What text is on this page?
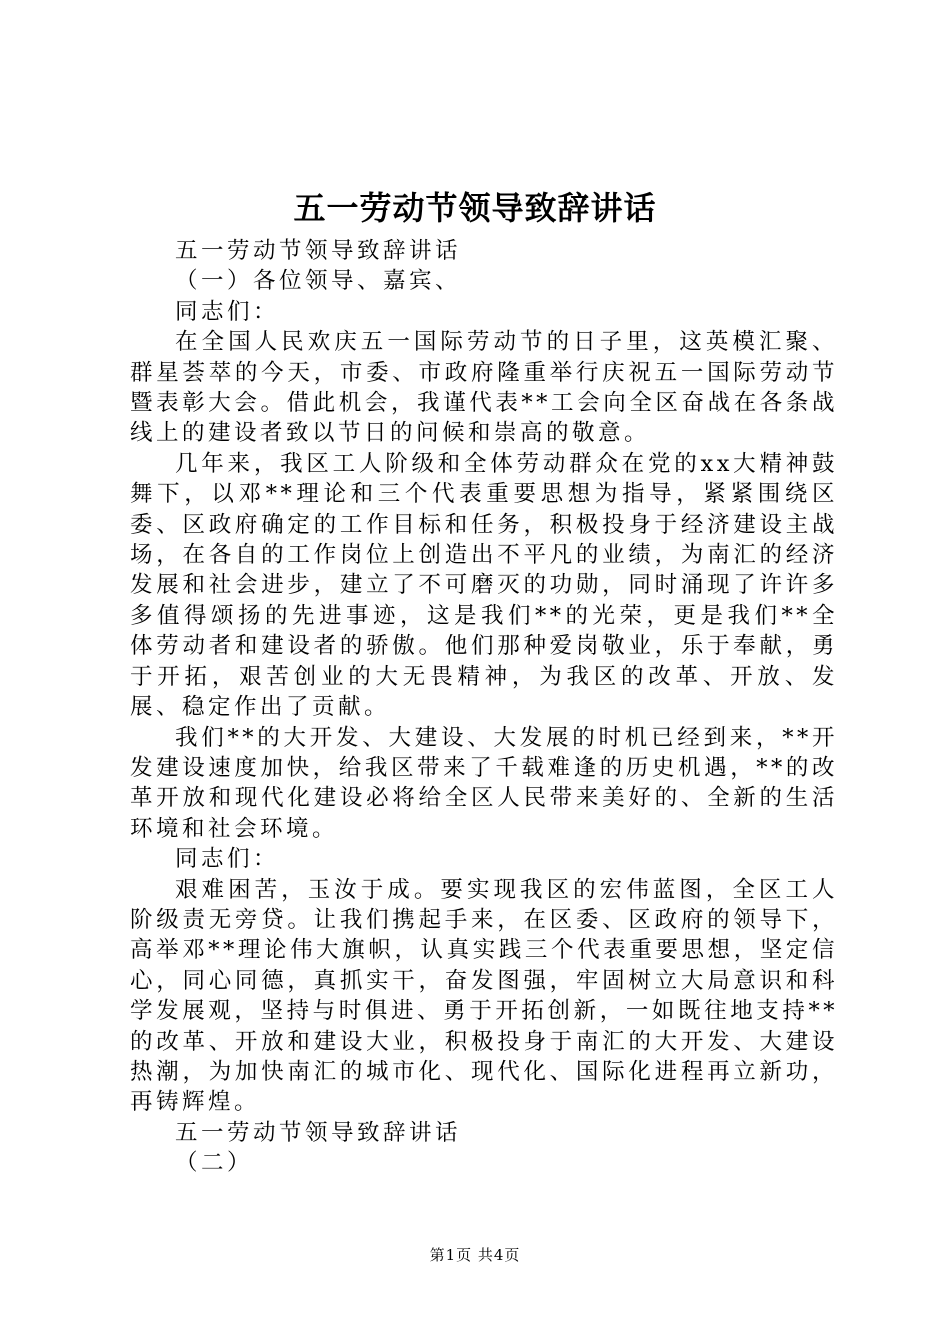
五一劳动节领导致辞讲话

五一劳动节领导致辞讲话

（一）各位领导、嘉宾、

同志们：

在全国人民欢庆五一国际劳动节的日子里，这英模汇聚、群星荟萃的今天，市委、市政府隆重举行庆祝五一国际劳动节暨表彰大会。借此机会，我谨代表**工会向全区奋战在各条战线上的建设者致以节日的问候和崇高的敬意。

几年来，我区工人阶级和全体劳动群众在党的xx大精神鼓舞下，以邓**理论和三个代表重要思想为指导，紧紧围绕区委、区政府确定的工作目标和任务，积极投身于经济建设主战场，在各自的工作岗位上创造出不平凡的业绩，为南汇的经济发展和社会进步，建立了不可磨灭的功勋，同时涌现了许许多多值得颂扬的先进事迹，这是我们**的光荣，更是我们**全体劳动者和建设者的骄傲。他们那种爱岗敬业，乐于奉献，勇于开拓，艰苦创业的大无畏精神，为我区的改革、开放、发展、稳定作出了贡献。

我们**的大开发、大建设、大发展的时机已经到来，**开发建设速度加快，给我区带来了千载难逢的历史机遇，**的改革开放和现代化建设必将给全区人民带来美好的、全新的生活环境和社会环境。

同志们：

艰难困苦，玉汝于成。要实现我区的宏伟蓝图，全区工人阶级责无旁贷。让我们携起手来，在区委、区政府的领导下，高举邓**理论伟大旗帜，认真实践三个代表重要思想，坚定信心，同心同德，真抓实干，奋发图强，牢固树立大局意识和科学发展观，坚持与时俱进、勇于开拓创新，一如既往地支持**的改革、开放和建设大业，积极投身于南汇的大开发、大建设热潮，为加快南汇的城市化、现代化、国际化进程再立新功，再铸辉煌。

五一劳动节领导致辞讲话

（二）

第1页 共4页
